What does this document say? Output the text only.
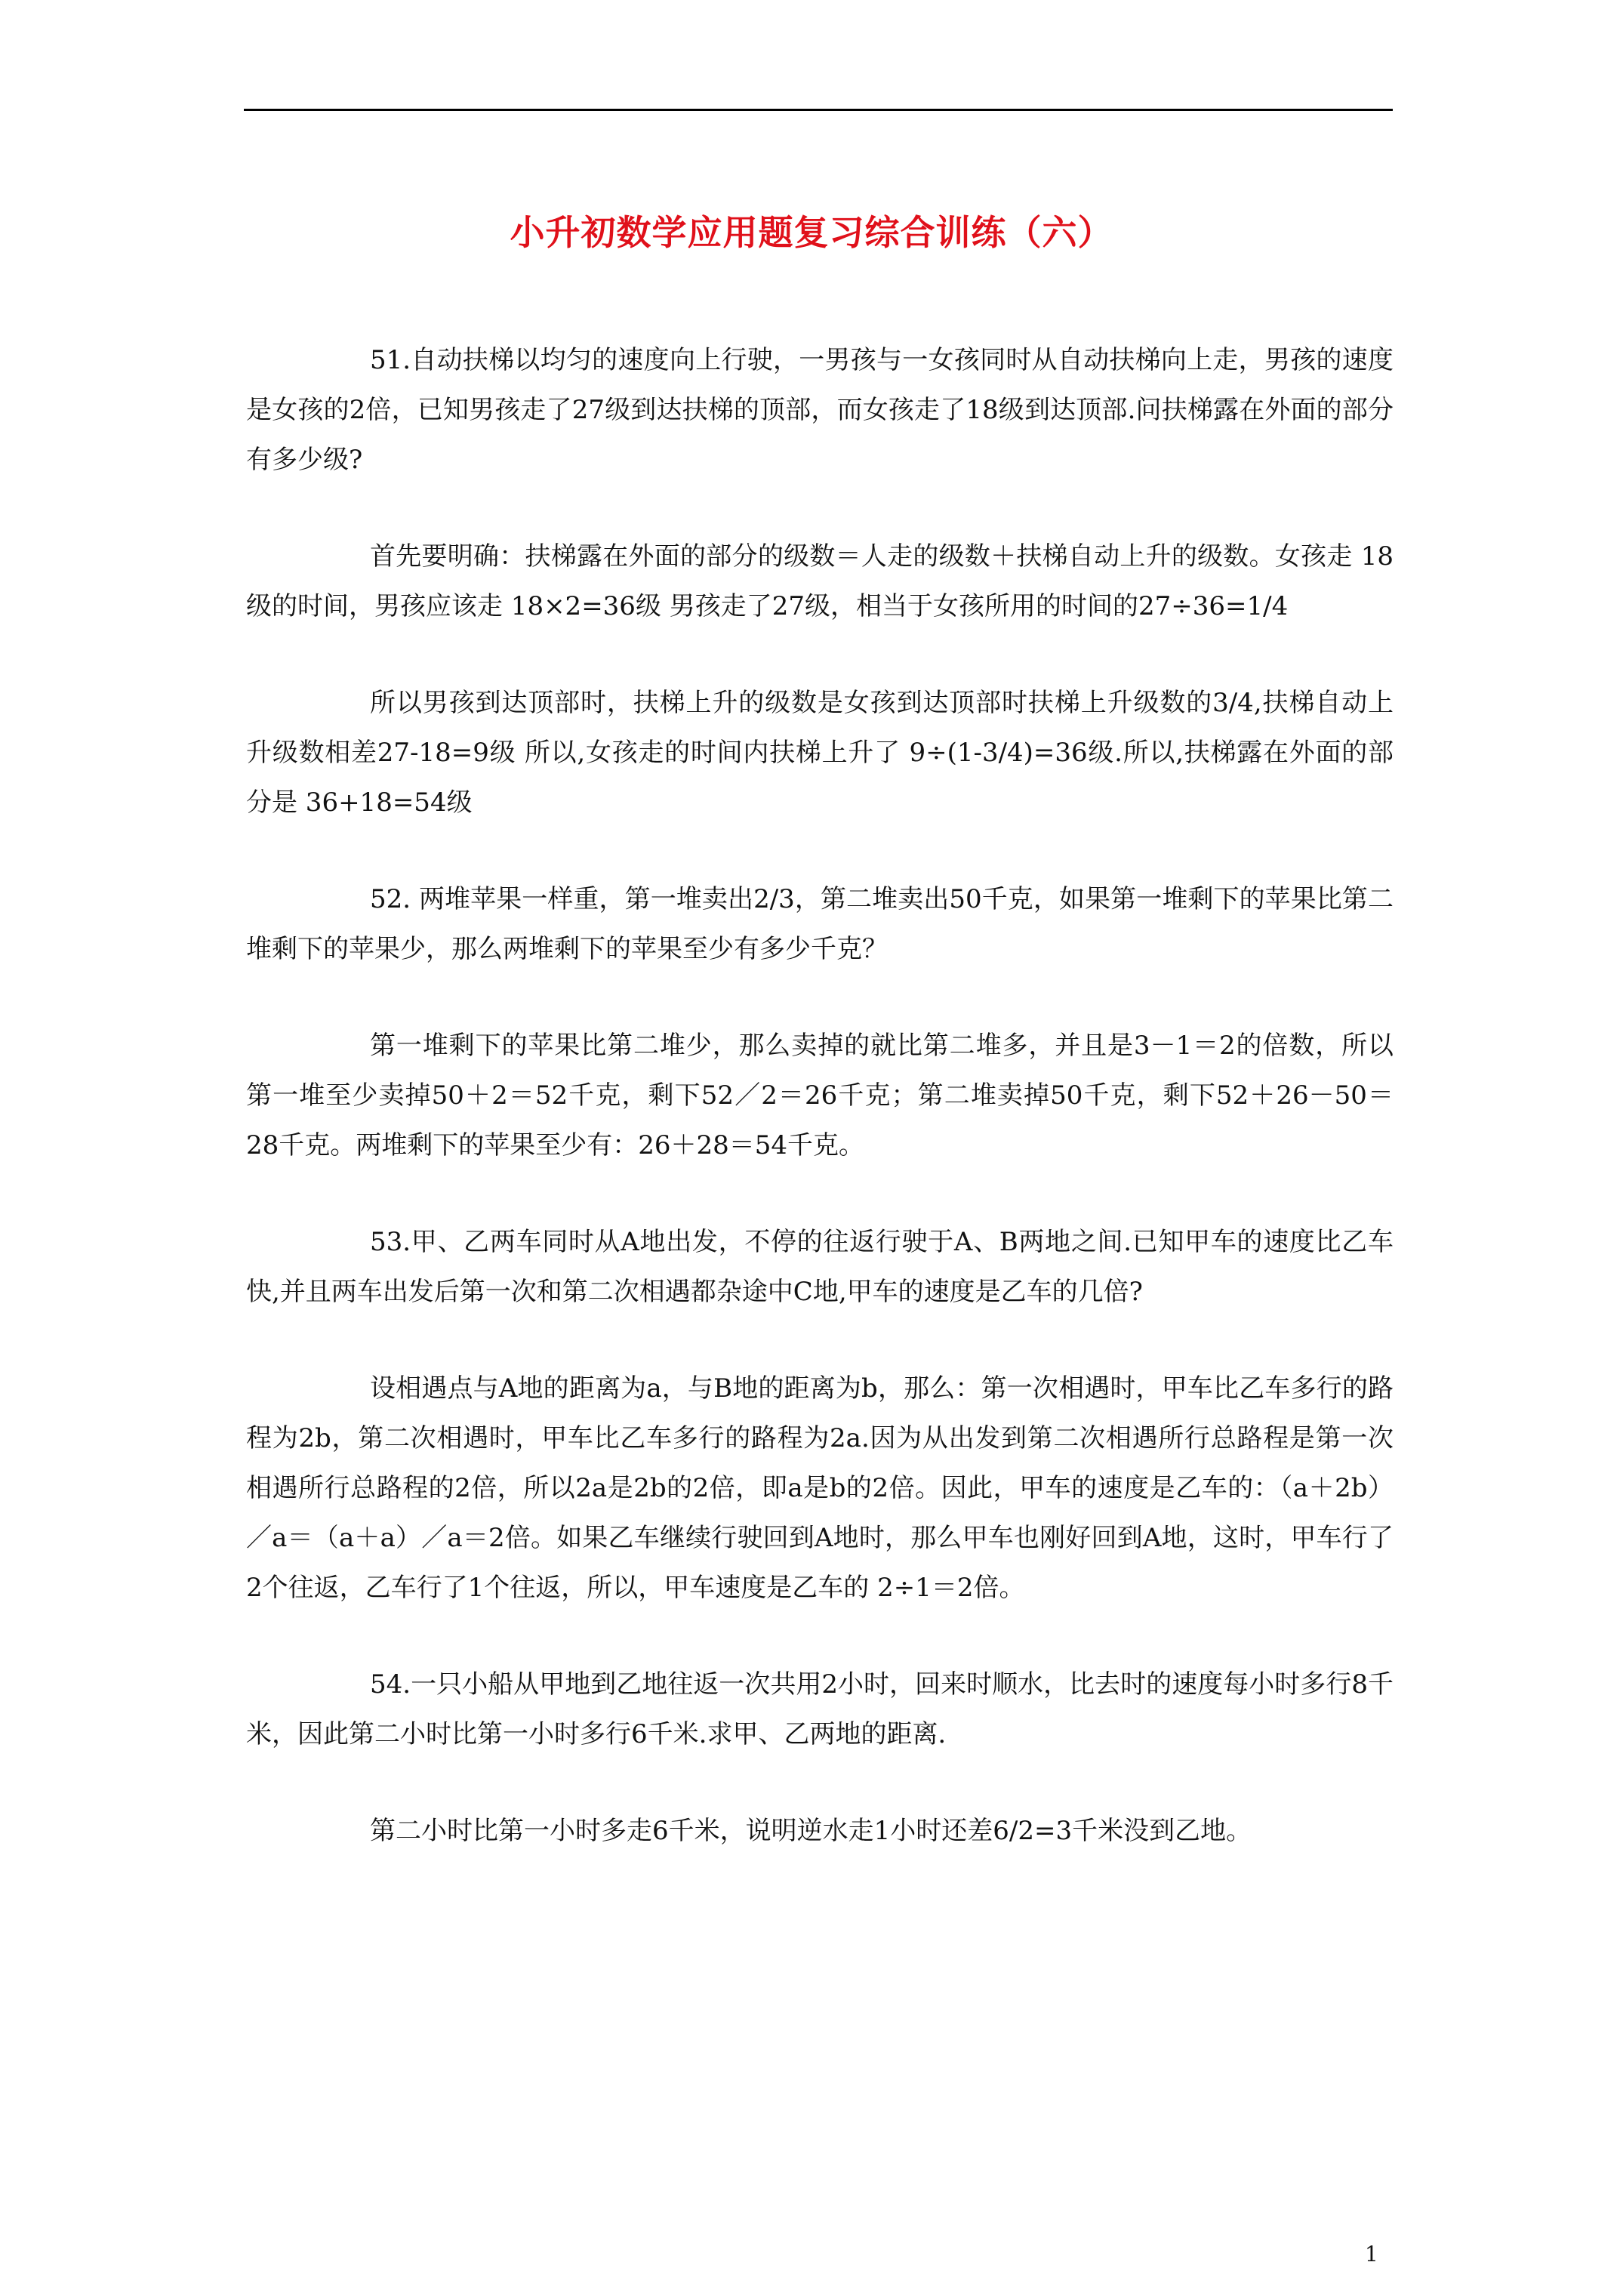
小升初数学应用题复习综合训练（六）

51.自动扶梯以均匀的速度向上行驶，一男孩与一女孩同时从自动扶梯向上走，男孩的速度是女孩的2倍，已知男孩走了27级到达扶梯的顶部，而女孩走了18级到达顶部.问扶梯露在外面的部分有多少级?

首先要明确：扶梯露在外面的部分的级数＝人走的级数＋扶梯自动上升的级数。女孩走 18级的时间，男孩应该走 18×2=36级 男孩走了27级，相当于女孩所用的时间的27÷36=1/4

所以男孩到达顶部时，扶梯上升的级数是女孩到达顶部时扶梯上升级数的3/4,扶梯自动上升级数相差27-18=9级 所以,女孩走的时间内扶梯上升了 9÷(1-3/4)=36级.所以,扶梯露在外面的部分是 36+18=54级

52. 两堆苹果一样重，第一堆卖出2/3，第二堆卖出50千克，如果第一堆剩下的苹果比第二堆剩下的苹果少，那么两堆剩下的苹果至少有多少千克？

第一堆剩下的苹果比第二堆少，那么卖掉的就比第二堆多，并且是3－1＝2的倍数，所以第一堆至少卖掉50＋2＝52千克，剩下52／2＝26千克；第二堆卖掉50千克，剩下52＋26－50＝28千克。两堆剩下的苹果至少有：26＋28＝54千克。

53.甲、乙两车同时从A地出发，不停的往返行驶于A、B两地之间.已知甲车的速度比乙车快,并且两车出发后第一次和第二次相遇都杂途中C地,甲车的速度是乙车的几倍?

设相遇点与A地的距离为a，与B地的距离为b，那么：第一次相遇时，甲车比乙车多行的路程为2b，第二次相遇时，甲车比乙车多行的路程为2a.因为从出发到第二次相遇所行总路程是第一次相遇所行总路程的2倍，所以2a是2b的2倍，即a是b的2倍。因此，甲车的速度是乙车的：（a＋2b）／a＝（a＋a）／a＝2倍。如果乙车继续行驶回到A地时，那么甲车也刚好回到A地，这时，甲车行了2个往返，乙车行了1个往返，所以，甲车速度是乙车的 2÷1＝2倍。

54.一只小船从甲地到乙地往返一次共用2小时，回来时顺水，比去时的速度每小时多行8千米，因此第二小时比第一小时多行6千米.求甲、乙两地的距离.

第二小时比第一小时多走6千米，说明逆水走1小时还差6/2=3千米没到乙地。

1
